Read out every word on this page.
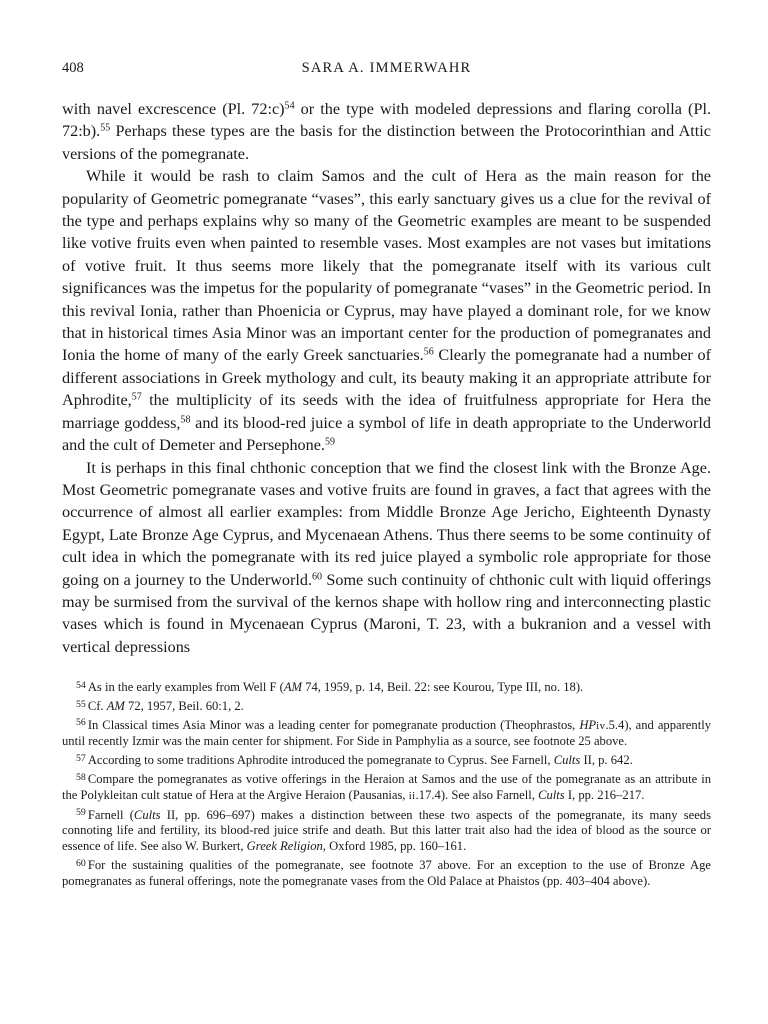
408	SARA A. IMMERWAHR

with navel excrescence (Pl. 72:c)$^{54}$ or the type with modeled depressions and flaring corolla (Pl. 72:b).$^{55}$ Perhaps these types are the basis for the distinction between the Protocorinthian and Attic versions of the pomegranate.

While it would be rash to claim Samos and the cult of Hera as the main reason for the popularity of Geometric pomegranate “vases”, this early sanctuary gives us a clue for the revival of the type and perhaps explains why so many of the Geometric examples are meant to be suspended like votive fruits even when painted to resemble vases. Most examples are not vases but imitations of votive fruit. It thus seems more likely that the pomegranate itself with its various cult significances was the impetus for the popularity of pomegranate “vases” in the Geometric period. In this revival Ionia, rather than Phoenicia or Cyprus, may have played a dominant role, for we know that in historical times Asia Minor was an important center for the production of pomegranates and Ionia the home of many of the early Greek sanctuaries.$^{56}$ Clearly the pomegranate had a number of different associations in Greek mythology and cult, its beauty making it an appropriate attribute for Aphrodite,$^{57}$ the multiplicity of its seeds with the idea of fruitfulness appropriate for Hera the marriage goddess,$^{58}$ and its blood-red juice a symbol of life in death appropriate to the Underworld and the cult of Demeter and Persephone.$^{59}$

It is perhaps in this final chthonic conception that we find the closest link with the Bronze Age. Most Geometric pomegranate vases and votive fruits are found in graves, a fact that agrees with the occurrence of almost all earlier examples: from Middle Bronze Age Jericho, Eighteenth Dynasty Egypt, Late Bronze Age Cyprus, and Mycenaean Athens. Thus there seems to be some continuity of cult idea in which the pomegranate with its red juice played a symbolic role appropriate for those going on a journey to the Underworld.$^{60}$ Some such continuity of chthonic cult with liquid offerings may be surmised from the survival of the kernos shape with hollow ring and interconnecting plastic vases which is found in Mycenaean Cyprus (Maroni, T. 23, with a bukranion and a vessel with vertical depressions

$^{54}$ As in the early examples from Well F (AM 74, 1959, p. 14, Beil. 22: see Kourou, Type III, no. 18).

$^{55}$ Cf. AM 72, 1957, Beil. 60:1, 2.

$^{56}$ In Classical times Asia Minor was a leading center for pomegranate production (Theophrastos, HPiv.5.4), and apparently until recently Izmir was the main center for shipment. For Side in Pamphylia as a source, see footnote 25 above.

$^{57}$ According to some traditions Aphrodite introduced the pomegranate to Cyprus. See Farnell, Cults II, p. 642.

$^{58}$ Compare the pomegranates as votive offerings in the Heraion at Samos and the use of the pomegranate as an attribute in the Polykleitan cult statue of Hera at the Argive Heraion (Pausanias, ii.17.4). See also Farnell, Cults I, pp. 216–217.

$^{59}$ Farnell (Cults II, pp. 696–697) makes a distinction between these two aspects of the pomegranate, its many seeds connoting life and fertility, its blood-red juice strife and death. But this latter trait also had the idea of blood as the source or essence of life. See also W. Burkert, Greek Religion, Oxford 1985, pp. 160–161.

$^{60}$ For the sustaining qualities of the pomegranate, see footnote 37 above. For an exception to the use of Bronze Age pomegranates as funeral offerings, note the pomegranate vases from the Old Palace at Phaistos (pp. 403–404 above).
